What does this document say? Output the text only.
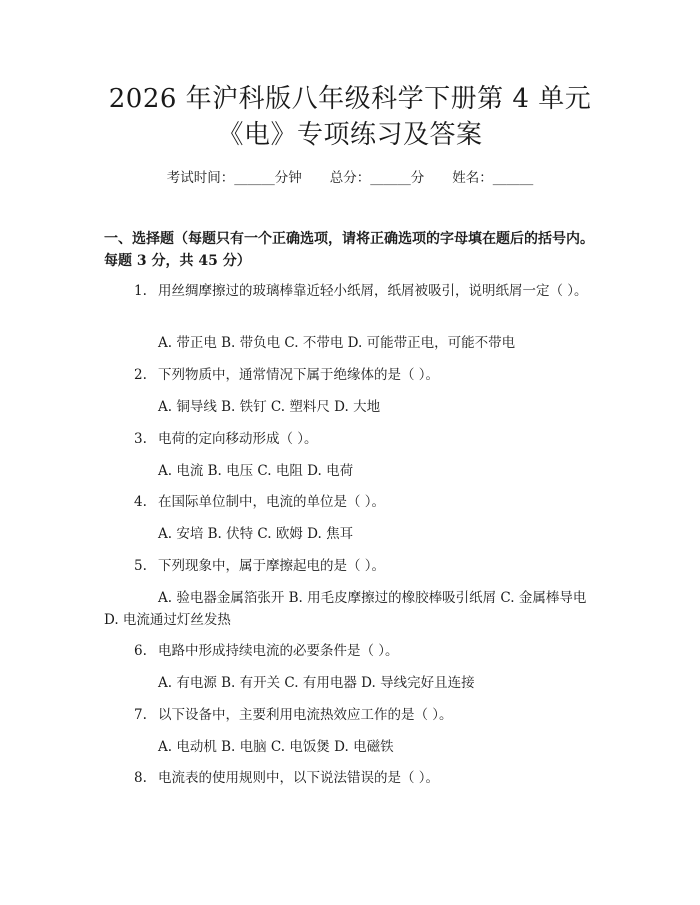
2026 年沪科版八年级科学下册第 4 单元
《电》专项练习及答案
考试时间：______分钟 总分：______分 姓名：______
一、选择题（每题只有一个正确选项，请将正确选项的字母填在题后的括号内。每题 3 分，共 45 分）
1. 用丝绸摩擦过的玻璃棒靠近轻小纸屑，纸屑被吸引，说明纸屑一定（ ）。
A. 带正电 B. 带负电 C. 不带电 D. 可能带正电，可能不带电
2. 下列物质中，通常情况下属于绝缘体的是（ ）。
A. 铜导线 B. 铁钉 C. 塑料尺 D. 大地
3. 电荷的定向移动形成（ ）。
A. 电流 B. 电压 C. 电阻 D. 电荷
4. 在国际单位制中，电流的单位是（ ）。
A. 安培 B. 伏特 C. 欧姆 D. 焦耳
5. 下列现象中，属于摩擦起电的是（ ）。
A. 验电器金属箔张开 B. 用毛皮摩擦过的橡胶棒吸引纸屑 C. 金属棒导电 D. 电流通过灯丝发热
6. 电路中形成持续电流的必要条件是（ ）。
A. 有电源 B. 有开关 C. 有用电器 D. 导线完好且连接
7. 以下设备中，主要利用电流热效应工作的是（ ）。
A. 电动机 B. 电脑 C. 电饭煲 D. 电磁铁
8. 电流表的使用规则中，以下说法错误的是（ ）。
